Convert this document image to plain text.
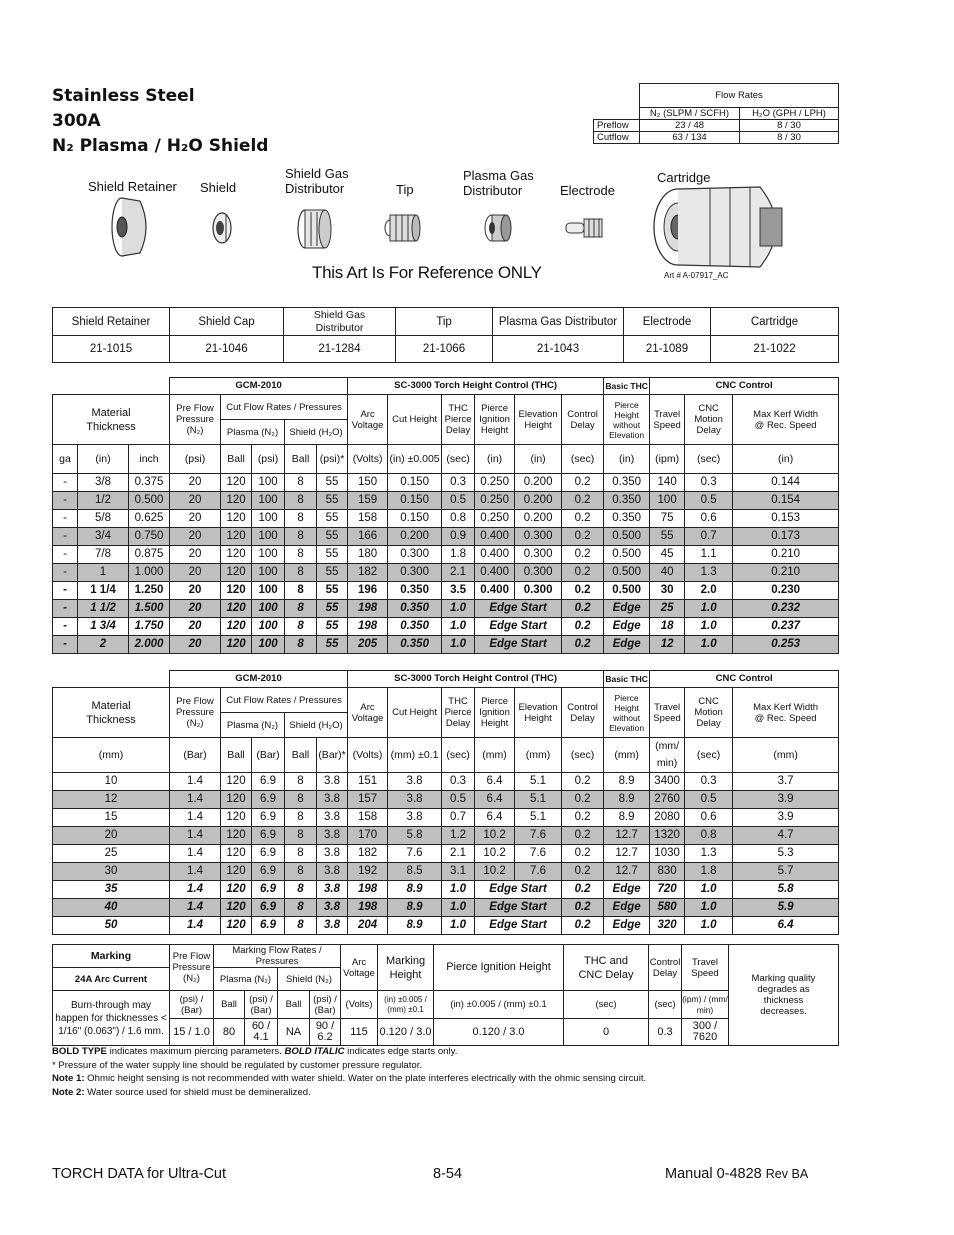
Stainless Steel
300A
N₂ Plasma / H₂O Shield
	Flow Rates	
	N₂ (SLPM / SCFH)	H₂O (GPH / LPH)
Preflow	23 / 48	8 / 30
Cutflow	63 / 134	8 / 30
Shield Retainer Shield
Shield Gas
Distributor	Tip
Plasma Gas
Distributor	Electrode
Cartridge
This Art Is For Reference ONLY	Art # A-07917_AC
Shield Retainer	Shield Cap	Shield Gas Distributor	Tip	Plasma Gas Distributor	Electrode	Cartridge
21-1015	21-1046	21-1284	21-1066	21-1043	21-1089	21-1022
			GCM-2010					SC-3000 Torch Height Control (THC)						Basic THC	CNC Control		
Material Thickness			Pre Flow Pressure (N₂)	Cut Flow Rates / Pressures				Arc Voltage	Cut Height	THC Pierce Delay	Pierce Ignition Height	Elevation Height	Control Delay	Pierce Height without Elevation	Travel Speed	CNC Motion Delay	Max Kerf Width @ Rec. Speed
				Plasma (N₂)		Shield (H₂O)											
ga	(in)	inch	(psi)	Ball	(psi)	Ball	(psi)*	(Volts)	(in) ±0.005	(sec)	(in)	(in)	(sec)	(in)	(ipm)	(sec)	(in)
-	3/8	0.375	20	120	100	8	55	150	0.150	0.3	0.250	0.200	0.2	0.350	140	0.3	0.144
-	1/2	0.500	20	120	100	8	55	159	0.150	0.5	0.250	0.200	0.2	0.350	100	0.5	0.154
-	5/8	0.625	20	120	100	8	55	158	0.150	0.8	0.250	0.200	0.2	0.350	75	0.6	0.153
-	3/4	0.750	20	120	100	8	55	166	0.200	0.9	0.400	0.300	0.2	0.500	55	0.7	0.173
-	7/8	0.875	20	120	100	8	55	180	0.300	1.8	0.400	0.300	0.2	0.500	45	1.1	0.210
-	1	1.000	20	120	100	8	55	182	0.300	2.1	0.400	0.300	0.2	0.500	40	1.3	0.210
-	1 1/4	1.250	20	120	100	8	55	196	0.350	3.5	0.400	0.300	0.2	0.500	30	2.0	0.230
-	1 1/2	1.500	20	120	100	8	55	198	0.350	1.0	Edge Start		0.2	Edge	25	1.0	0.232
-	1 3/4	1.750	20	120	100	8	55	198	0.350	1.0	Edge Start		0.2	Edge	18	1.0	0.237
-	2	2.000	20	120	100	8	55	205	0.350	1.0	Edge Start		0.2	Edge	12	1.0	0.253
	GCM-2010					SC-3000 Torch Height Control (THC)						Basic THC	CNC Control		
Material Thickness	Pre Flow Pressure (N₂)	Cut Flow Rates / Pressures				Arc Voltage	Cut Height	THC Pierce Delay	Pierce Ignition Height	Elevation Height	Control Delay	Pierce Height without Elevation	Travel Speed	CNC Motion Delay	Max Kerf Width @ Rec. Speed
		Plasma (N₂)		Shield (H₂O)											
(mm)	(Bar)	Ball	(Bar)	Ball	(Bar)*	(Volts)	(mm) ±0.1	(sec)	(mm)	(mm)	(sec)	(mm)	(mm/ min)	(sec)	(mm)
10	1.4	120	6.9	8	3.8	151	3.8	0.3	6.4	5.1	0.2	8.9	3400	0.3	3.7
12	1.4	120	6.9	8	3.8	157	3.8	0.5	6.4	5.1	0.2	8.9	2760	0.5	3.9
15	1.4	120	6.9	8	3.8	158	3.8	0.7	6.4	5.1	0.2	8.9	2080	0.6	3.9
20	1.4	120	6.9	8	3.8	170	5.8	1.2	10.2	7.6	0.2	12.7	1320	0.8	4.7
25	1.4	120	6.9	8	3.8	182	7.6	2.1	10.2	7.6	0.2	12.7	1030	1.3	5.3
30	1.4	120	6.9	8	3.8	192	8.5	3.1	10.2	7.6	0.2	12.7	830	1.8	5.7
35	1.4	120	6.9	8	3.8	198	8.9	1.0	Edge Start		0.2	Edge	720	1.0	5.8
40	1.4	120	6.9	8	3.8	198	8.9	1.0	Edge Start		0.2	Edge	580	1.0	5.9
50	1.4	120	6.9	8	3.8	204	8.9	1.0	Edge Start		0.2	Edge	320	1.0	6.4
Marking	Pre Flow Pressure (N₂)	Marking Flow Rates / Pressures				Arc Voltage	Marking Height	Pierce Ignition Height	THC and CNC Delay	Control Delay	Travel Speed	Marking quality degrades as thickness decreases.
24A Arc Current		Plasma (N₂)		Shield (N₂)								
Burn-through may happen for thicknesses < 1/16" (0.063") / 1.6 mm.	(psi) / (Bar)	Ball	(psi) / (Bar)	Ball	(psi) / (Bar)	(Volts)	(in) ±0.005 / (mm) ±0.1	(in) ±0.005 / (mm) ±0.1	(sec)	(sec)	(ipm) / (mm/ min)	
	15 / 1.0	80	60 / 4.1	NA	90 / 6.2	115	0.120 / 3.0	0.120 / 3.0	0	0.3	300 / 7620	
BOLD TYPE indicates maximum piercing parameters. BOLD ITALIC indicates edge starts only.
* Pressure of the water supply line should be regulated by customer pressure regulator.
Note 1: Ohmic height sensing is not recommended with water shield. Water on the plate interferes electrically with the ohmic sensing circuit.
Note 2: Water source used for shield must be demineralized.
TORCH DATA for Ultra-Cut	8-54	Manual 0-4828 Rev BA
